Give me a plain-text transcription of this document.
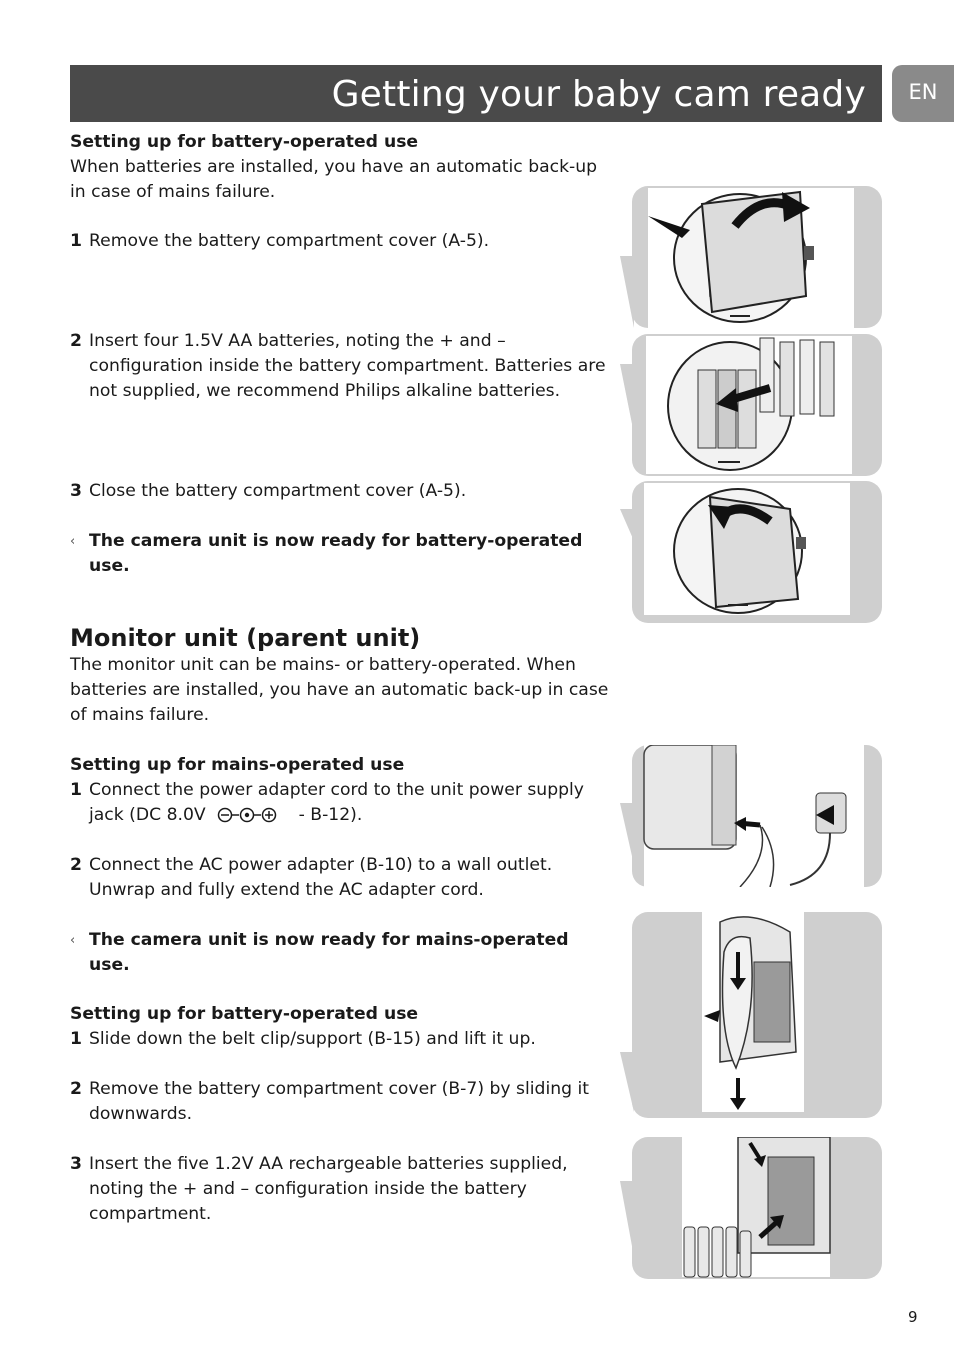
Getting your baby cam ready	EN
Setting up for battery-operated use
When batteries are installed, you have an automatic back-up in case of mains failure.
1 Remove the battery compartment cover (A-5).
2 Insert four 1.5V AA batteries, noting the + and – configuration inside the battery compartment. Batteries are not supplied, we recommend Philips alkaline batteries.
3 Close the battery compartment cover (A-5).
‹ The camera unit is now ready for battery-operated use.
Monitor unit (parent unit)
The monitor unit can be mains- or battery-operated. When batteries are installed, you have an automatic back-up in case of mains failure.
Setting up for mains-operated use
1 Connect the power adapter cord to the unit power supply jack (DC 8.0V	- B-12).
2 Connect the AC power adapter (B-10) to a wall outlet. Unwrap and fully extend the AC adapter cord.
‹ The camera unit is now ready for mains-operated use.
Setting up for battery-operated use
1 Slide down the belt clip/support (B-15) and lift it up.
2 Remove the battery compartment cover (B-7) by sliding it downwards.
3 Insert the five 1.2V AA rechargeable batteries supplied, noting the + and – configuration inside the battery compartment.
9
